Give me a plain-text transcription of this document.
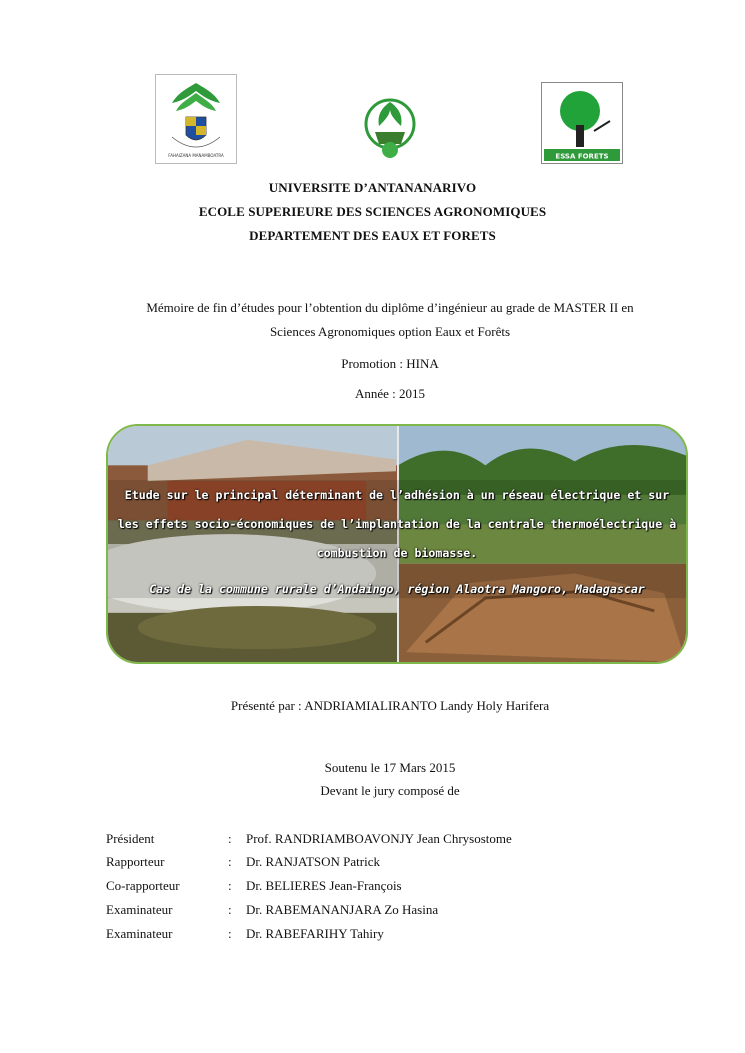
FAHAIZANA MANAMBOATRA	ESSA FORETS
UNIVERSITE D’ANTANANARIVO
ECOLE SUPERIEURE DES SCIENCES AGRONOMIQUES
DEPARTEMENT DES EAUX ET FORETS
Mémoire de fin d’études pour l’obtention du diplôme d’ingénieur au grade de MASTER II en
Sciences Agronomiques option Eaux et Forêts
Promotion : HINA
Année : 2015
Etude sur le principal déterminant de l’adhésion à un réseau électrique et sur
les effets socio-économiques de l’implantation de la centrale thermoélectrique à
combustion de biomasse.
Cas de la commune rurale d’Andaingo, région Alaotra Mangoro, Madagascar
Présenté par : ANDRIAMIALIRANTO Landy Holy Harifera
Soutenu le 17 Mars 2015
Devant le jury composé de
Président	: Prof. RANDRIAMBOAVONJY Jean Chrysostome
Rapporteur	: Dr. RANJATSON Patrick
Co-rapporteur	: Dr. BELIERES Jean-François
Examinateur	: Dr. RABEMANANJARA Zo Hasina
Examinateur	: Dr. RABEFARIHY Tahiry
